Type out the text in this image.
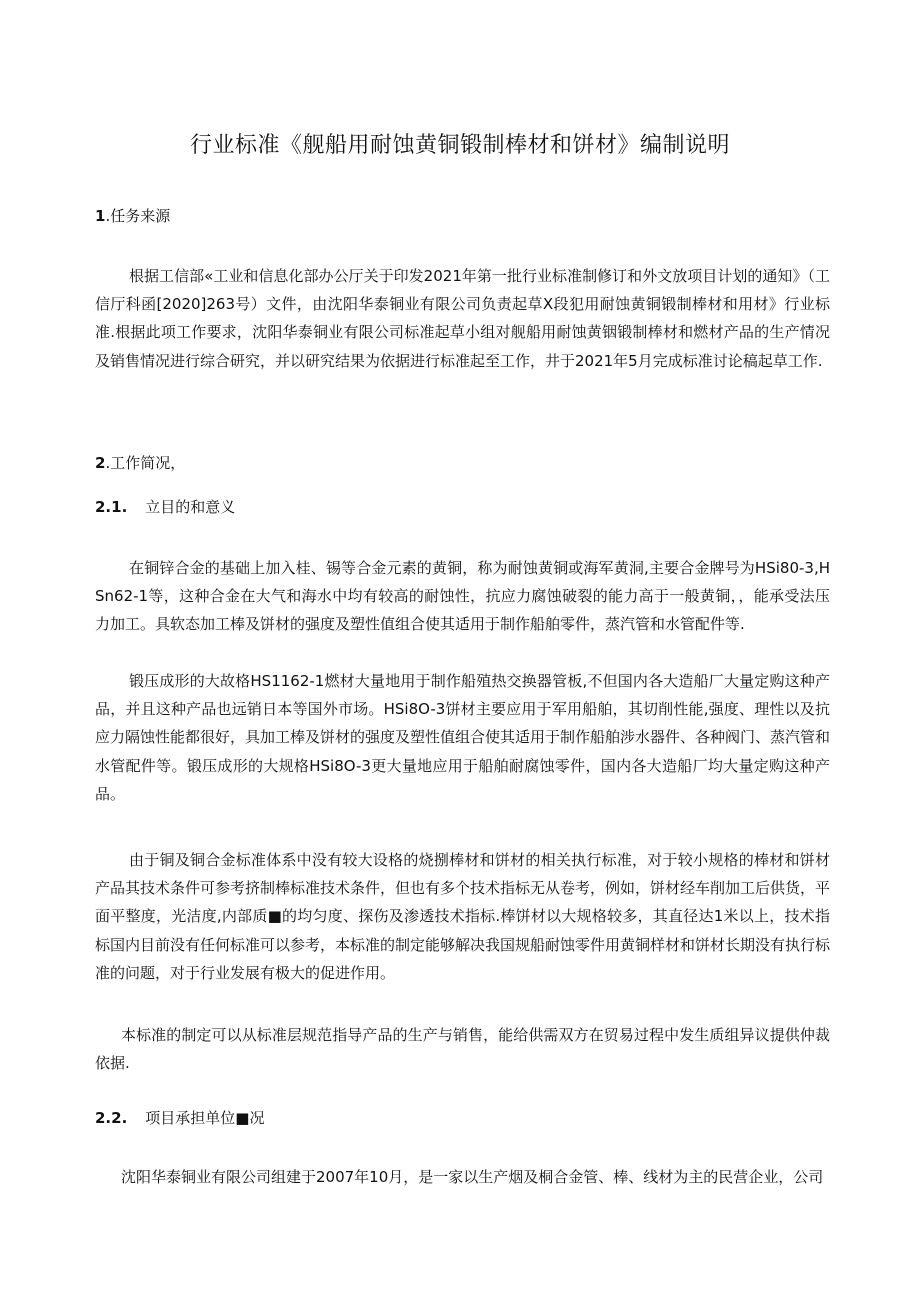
行业标准《舰船用耐蚀黄铜锻制棒材和饼材》编制说明
1.任务来源
根据工信部«工业和信息化部办公厅关于印发2021年第一批行业标准制修订和外文放项目计划的通知》（工信厅科函[2020]263号）文件，由沈阳华泰铜业有限公司负责起草X段犯用耐蚀黄铜锻制棒材和用材》行业标准.根据此项工作要求，沈阳华泰铜业有限公司标准起草小组对舰船用耐蚀黄铟锻制棒材和燃材产品的生产情况及销售情况进行综合研究，并以研究结果为依据进行标准起至工作，井于2021年5月完成标准讨论稿起草工作.
2.工作简况，
2.1. 立目的和意义
在铜锌合金的基础上加入桂、锡等合金元素的黄铜，称为耐蚀黄铜或海军黄洞,主要合金牌号为HSi80-3,HSn62-1等，这种合金在大气和海水中均有较高的耐蚀性，抗应力腐蚀破裂的能力高于一般黄铜，，能承受法压力加工。具软态加工棒及饼材的强度及塑性值组合使其适用于制作船舶零件，蒸汽管和水管配件等.
锻压成形的大故格HS1162-1燃材大量地用于制作船殖热交换器管板,不但国内各大造船厂大量定购这种产品，并且这种产品也远销日本等国外市场。HSi8O-3饼材主要应用于军用船舶，其切削性能,强度、理性以及抗应力隔蚀性能都很好，具加工棒及饼材的强度及塑性值组合使其适用于制作船舶涉水器件、各种阀门、蒸汽管和水管配件等。锻压成形的大规格HSi8O-3更大量地应用于船舶耐腐蚀零件，国内各大造船厂均大量定购这种产品。
由于铜及铜合金标准体系中没有较大设格的烧捌棒材和饼材的相关执行标准，对于较小规格的棒材和饼材产品其技术条件可参考挤制棒标准技术条件，但也有多个技术指标无从卷考，例如，饼材经车削加工后供货，平面平整度，光洁度,内部质■的均匀度、探伤及渗透技术指标.棒饼材以大规格较多，其直径达1米以上，技术指标国内目前没有任何标准可以参考，本标准的制定能够解决我国规船耐蚀零件用黄铜样材和饼材长期没有执行标准的问题，对于行业发展有极大的促进作用。
本标准的制定可以从标准层规范指导产品的生产与销售，能给供需双方在贸易过程中发生质组异议提供仲裁依据.
2.2. 项目承担单位■况
沈阳华泰铜业有限公司组建于2007年10月，是一家以生产烟及桐合金管、棒、线材为主的民营企业，公司
